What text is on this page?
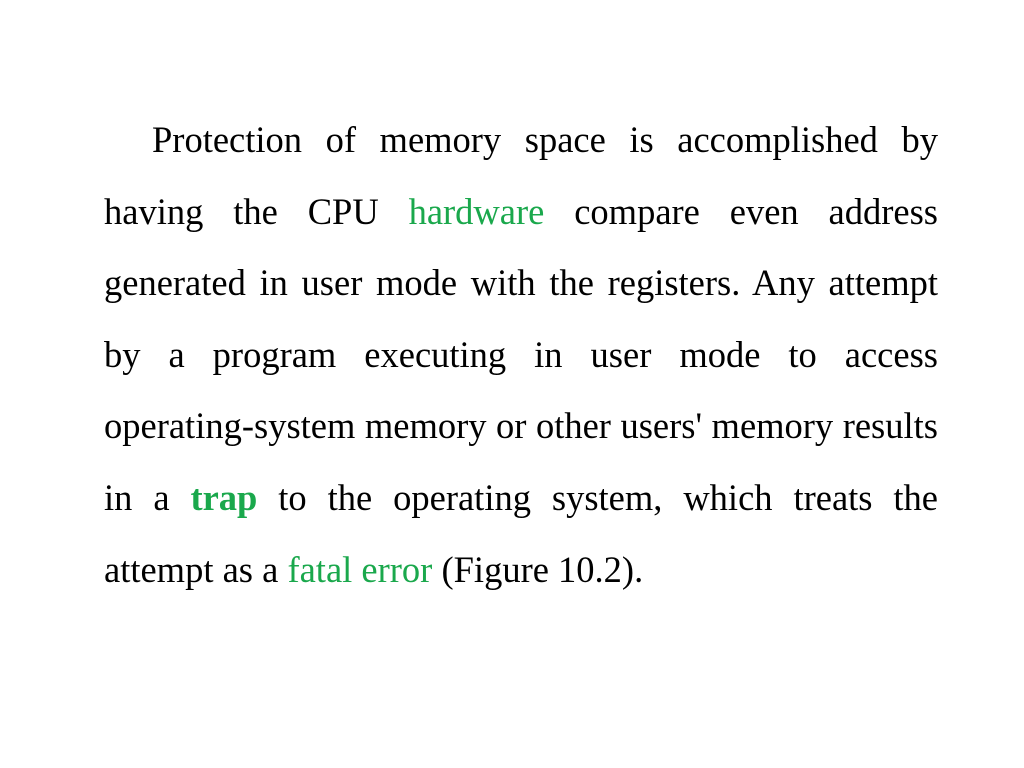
Protection of memory space is accomplished by having the CPU hardware compare even address generated in user mode with the registers. Any attempt by a program executing in user mode to access operating-system memory or other users' memory results in a trap to the operating system, which treats the attempt as a fatal error (Figure 10.2).
